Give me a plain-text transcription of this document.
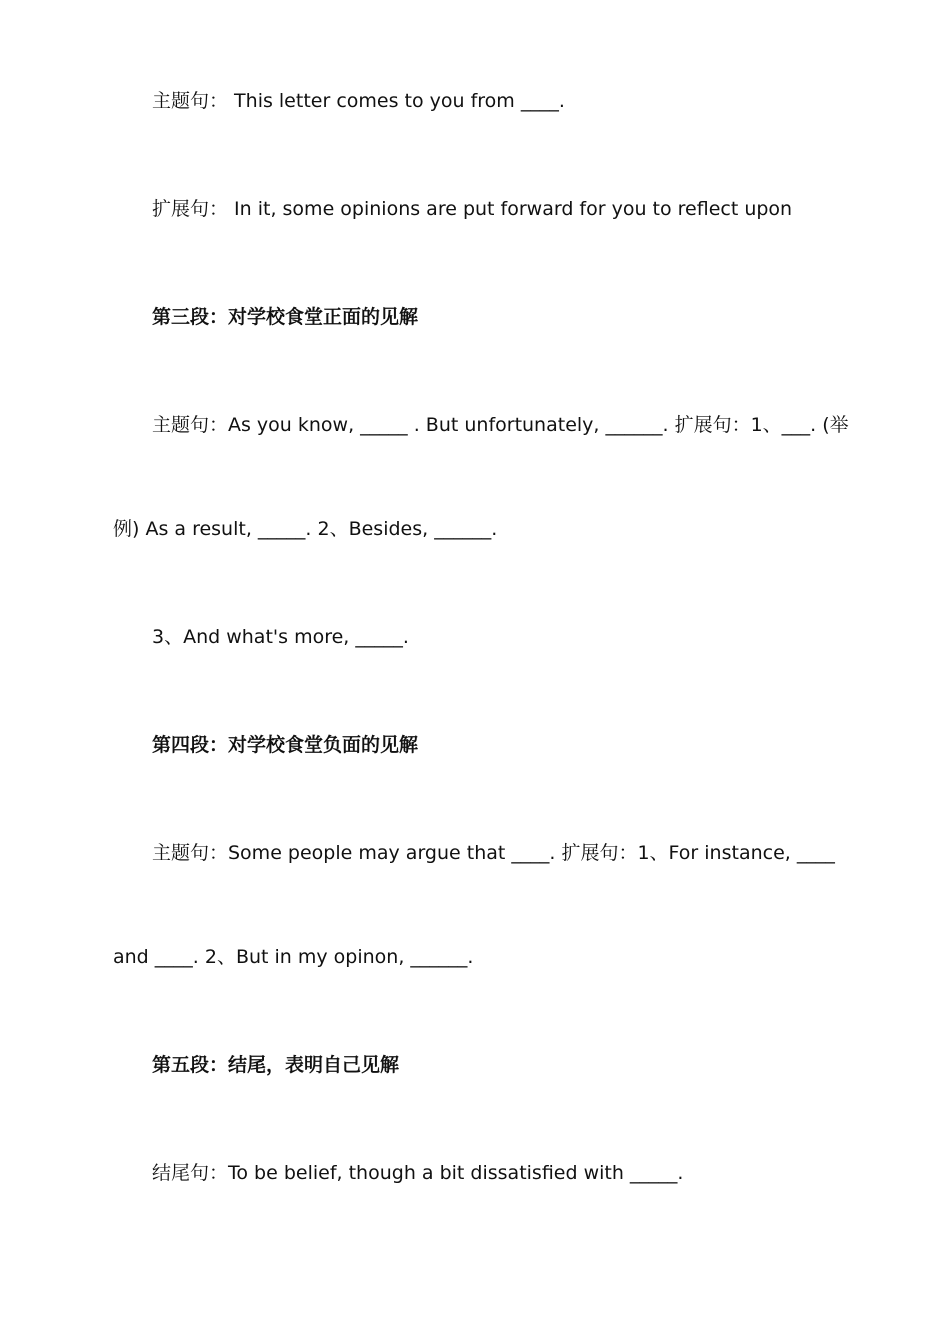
主题句： This letter comes to you from ____.

扩展句： In it, some opinions are put forward for you to reflect upon

第三段：对学校食堂正面的见解

主题句：As you know, _____ . But unfortunately, ______. 扩展句：1、___. (举

例) As a result, _____. 2、Besides, ______.

3、And what's more, _____.

第四段：对学校食堂负面的见解

主题句：Some people may argue that ____. 扩展句：1、For instance, ____

and ____. 2、But in my opinon, ______.

第五段：结尾，表明自己见解

结尾句：To be belief, though a bit dissatisfied with _____.
